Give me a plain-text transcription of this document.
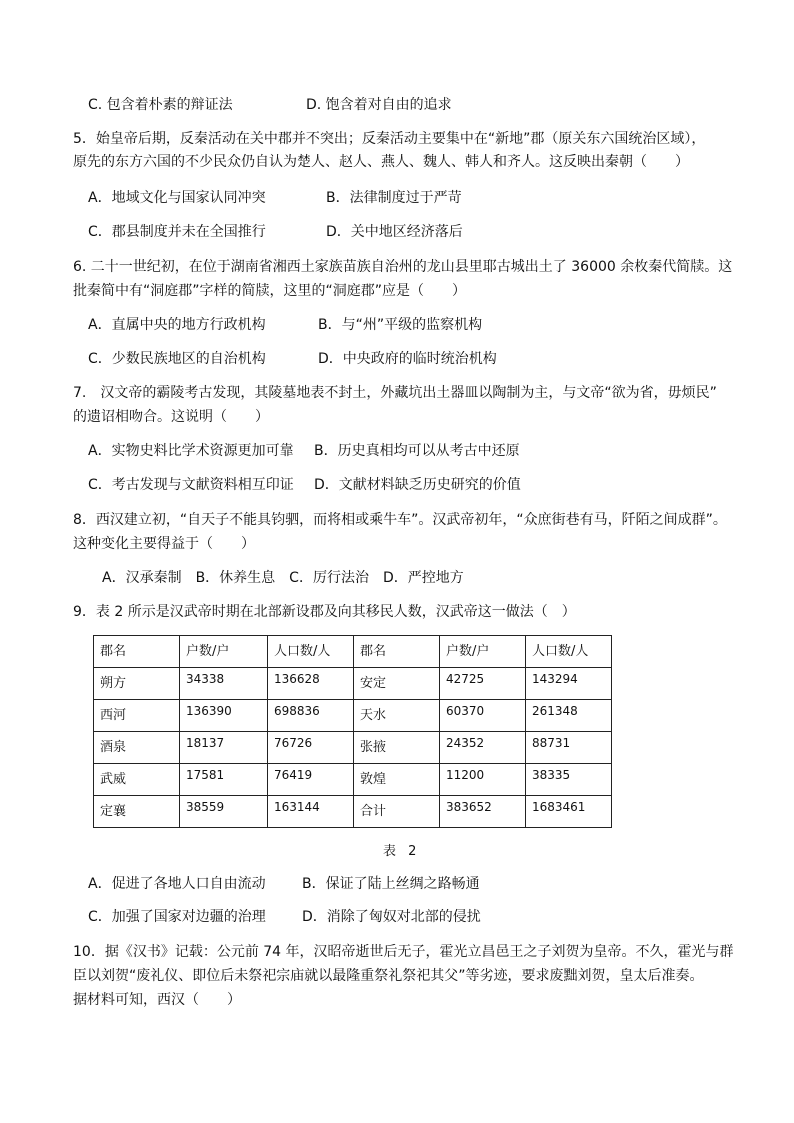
C. 包含着朴素的辩证法	D. 饱含着对自由的追求
5．始皇帝后期，反秦活动在关中郡并不突出；反秦活动主要集中在“新地”郡（原关东六国统治区域），
原先的东方六国的不少民众仍自认为楚人、赵人、燕人、魏人、韩人和齐人。这反映出秦朝（　　）
A．地域文化与国家认同冲突	B．法律制度过于严苛
C．郡县制度并未在全国推行	D．关中地区经济落后
6. 二十一世纪初，在位于湖南省湘西土家族苗族自治州的龙山县里耶古城出土了 36000 余枚秦代简牍。这
批秦简中有“洞庭郡”字样的简牍，这里的“洞庭郡”应是（　　）
A．直属中央的地方行政机构	B．与“州”平级的监察机构
C．少数民族地区的自治机构	D．中央政府的临时统治机构
7.　汉文帝的霸陵考古发现，其陵墓地表不封土，外藏坑出土器皿以陶制为主，与文帝“欲为省，毋烦民”
的遗诏相吻合。这说明（　　）
A．实物史料比学术资源更加可靠 B．历史真相均可以从考古中还原
C．考古发现与文献资料相互印证 D．文献材料缺乏历史研究的价值
8．西汉建立初，“自天子不能具钧驷，而将相或乘牛车”。汉武帝初年，“众庶街巷有马，阡陌之间成群”。
这种变化主要得益于（　　）
A．汉承秦制　B．休养生息　C．厉行法治　D．严控地方
9．表 2 所示是汉武帝时期在北部新设郡及向其移民人数，汉武帝这一做法（　）
郡名	户数/户	人口数/人	郡名	户数/户	人口数/人
朔方	34338	136628	安定	42725	143294
西河	136390	698836	天水	60370	261348
酒泉	18137	76726	张掖	24352	88731
武威	17581	76419	敦煌	11200	38335
定襄	38559	163144	合计	383652	1683461
表 2
A．促进了各地人口自由流动	B．保证了陆上丝绸之路畅通
C．加强了国家对边疆的治理	D．消除了匈奴对北部的侵扰
10．据《汉书》记载：公元前 74 年，汉昭帝逝世后无子，霍光立昌邑王之子刘贺为皇帝。不久，霍光与群
臣以刘贺“废礼仪、即位后未祭祀宗庙就以最隆重祭礼祭祀其父”等劣迹，要求废黜刘贺，皇太后准奏。
据材料可知，西汉（　　）
